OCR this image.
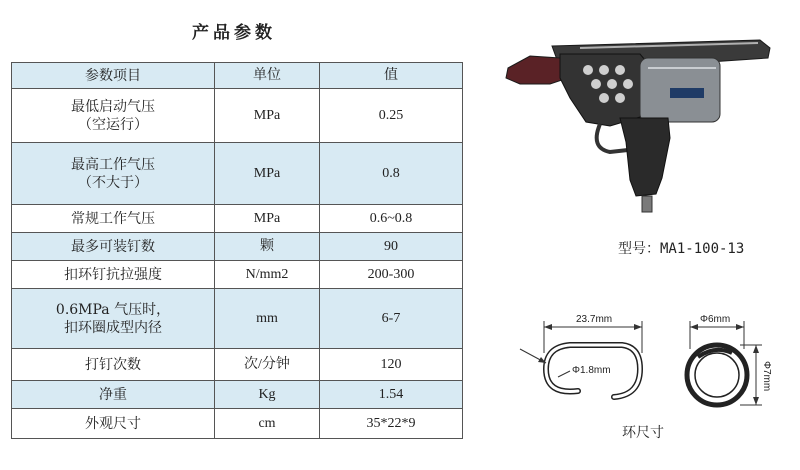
产品参数
参数项目	单位	值

最低启动气压
（空运行）	MPa	0.25

最高工作气压
（不大于）	MPa	0.8
常规工作气压	MPa	0.6~0.8
最多可装钉数	颗	90
扣环钉抗拉强度	N/mm2	200-300

0.6MPa 气压时，
扣环圈成型内径	mm	6-7
打钉次数	次/分钟	120
净重	Kg	1.54
外观尺寸	cm	35*22*9
型号：MA1-100-13
23.7mm
Φ1.8mm
Φ6mm
Φ7mm
环尺寸
